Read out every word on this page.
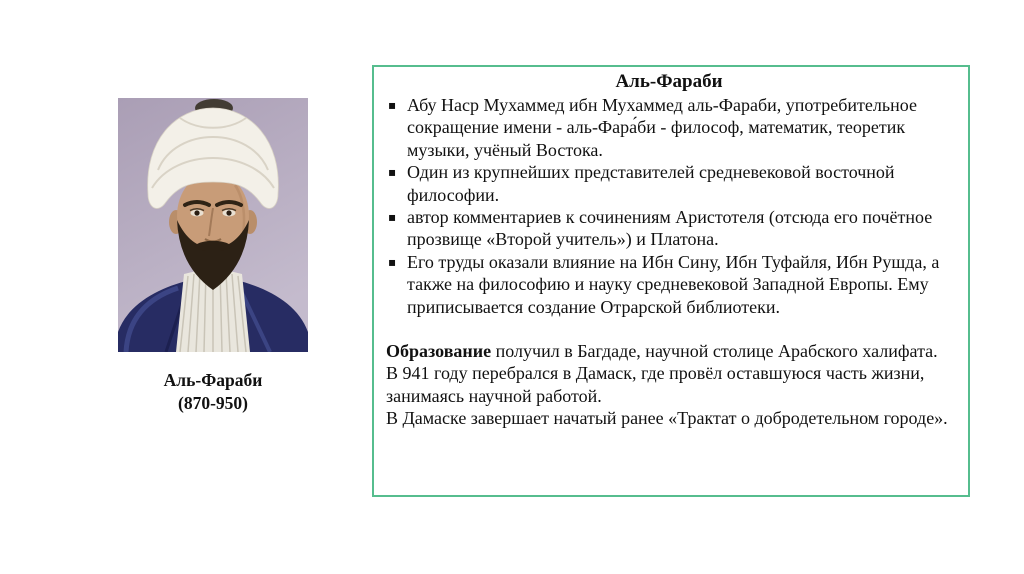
Аль-Фараби
(870-950)
Аль-Фараби
▪
Абу Наср Мухаммед ибн Мухаммед аль-Фараби, употребительное сокращение имени - аль-Фара́би - философ, математик, теоретик музыки, учёный Востока.
▪
Один из крупнейших представителей средневековой восточной философии.
▪
автор комментариев к сочинениям Аристотеля (отсюда его почётное прозвище «Второй учитель») и Платона.
▪
Его труды оказали влияние на Ибн Сину, Ибн Туфайля, Ибн Рушда, а также на философию и науку средневековой Западной Европы. Ему приписывается создание Отрарской библиотеки.

Образование получил в Багдаде, научной столице Арабского халифата.

В 941 году перебрался в Дамаск, где провёл оставшуюся часть жизни, занимаясь научной работой.

В Дамаске завершает начатый ранее «Трактат о добродетельном городе».
